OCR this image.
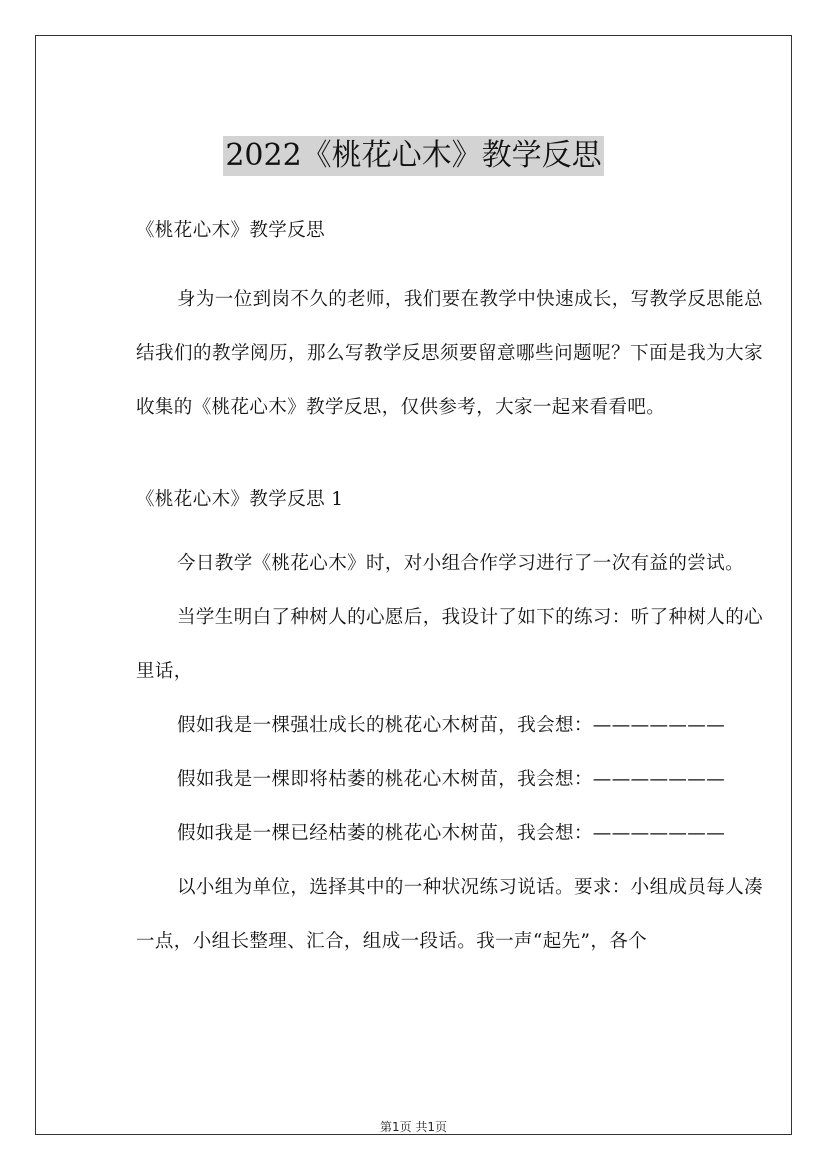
2022《桃花心木》教学反思

《桃花心木》教学反思

身为一位到岗不久的老师，我们要在教学中快速成长，写教学反思能总结我们的教学阅历，那么写教学反思须要留意哪些问题呢？下面是我为大家收集的《桃花心木》教学反思，仅供参考，大家一起来看看吧。

《桃花心木》教学反思 1

今日教学《桃花心木》时，对小组合作学习进行了一次有益的尝试。

当学生明白了种树人的心愿后，我设计了如下的练习：听了种树人的心里话，

假如我是一棵强壮成长的桃花心木树苗，我会想：———————

假如我是一棵即将枯萎的桃花心木树苗，我会想：———————

假如我是一棵已经枯萎的桃花心木树苗，我会想：———————

以小组为单位，选择其中的一种状况练习说话。要求：小组成员每人凑一点，小组长整理、汇合，组成一段话。我一声“起先”，各个

第1页 共1页
